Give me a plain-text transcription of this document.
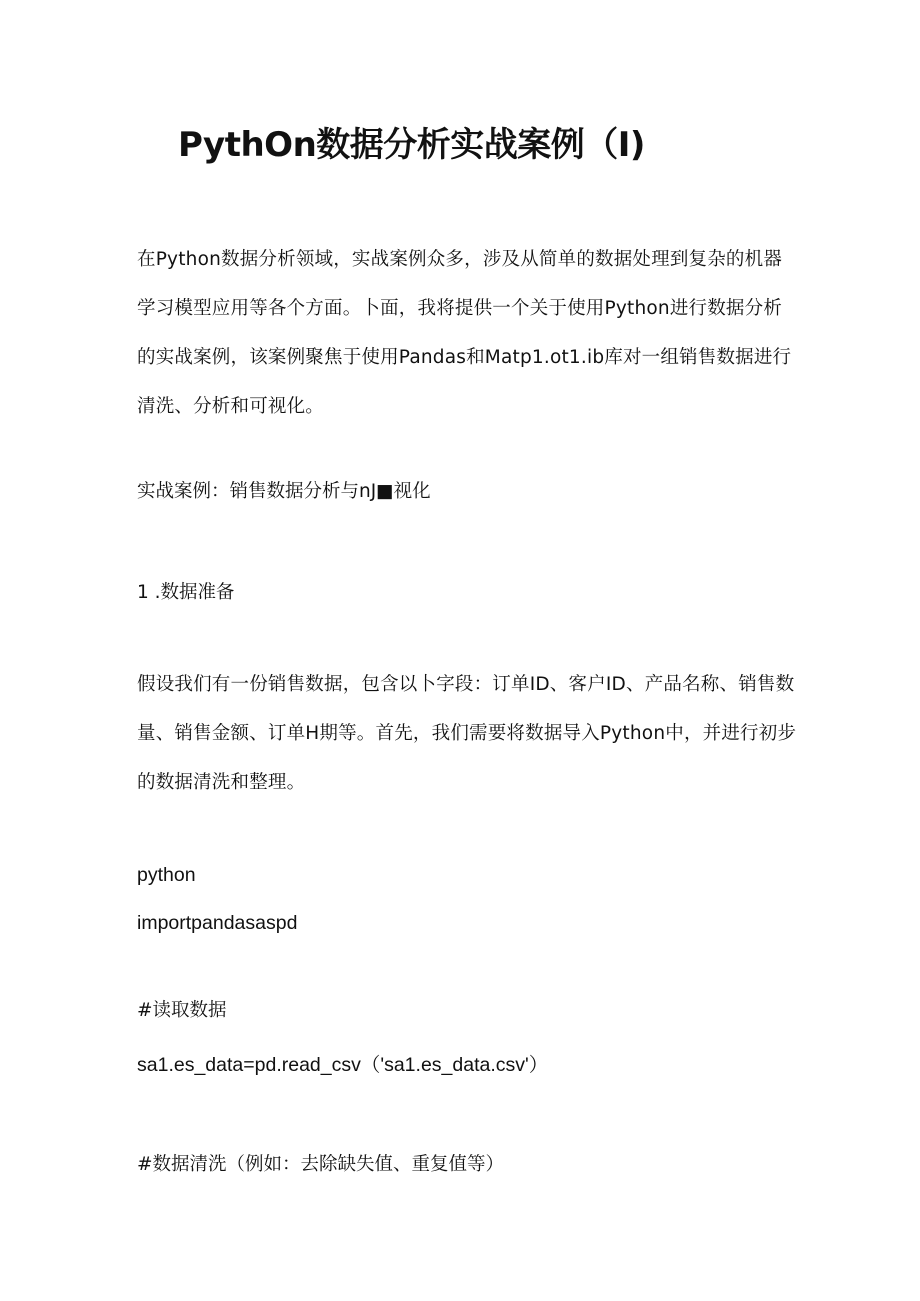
PythOn数据分析实战案例（I)
在Python数据分析领域，实战案例众多，涉及从简单的数据处理到复杂的机器
学习模型应用等各个方面。卜面，我将提供一个关于使用Python进行数据分析
的实战案例，该案例聚焦于使用Pandas和Matp1.ot1.ib库对一组销售数据进行
清洗、分析和可视化。

实战案例：销售数据分析与nJ■视化

1 .数据准备

假设我们有一份销售数据，包含以卜字段：订单ID、客户ID、产品名称、销售数
量、销售金额、订单H期等。首先，我们需要将数据导入Python中，并进行初步
的数据清洗和整理。

python

importpandasaspd

#读取数据

sa1.es_data=pd.read_csv（'sa1.es_data.csv'）

#数据清洗（例如：去除缺失值、重复值等）
